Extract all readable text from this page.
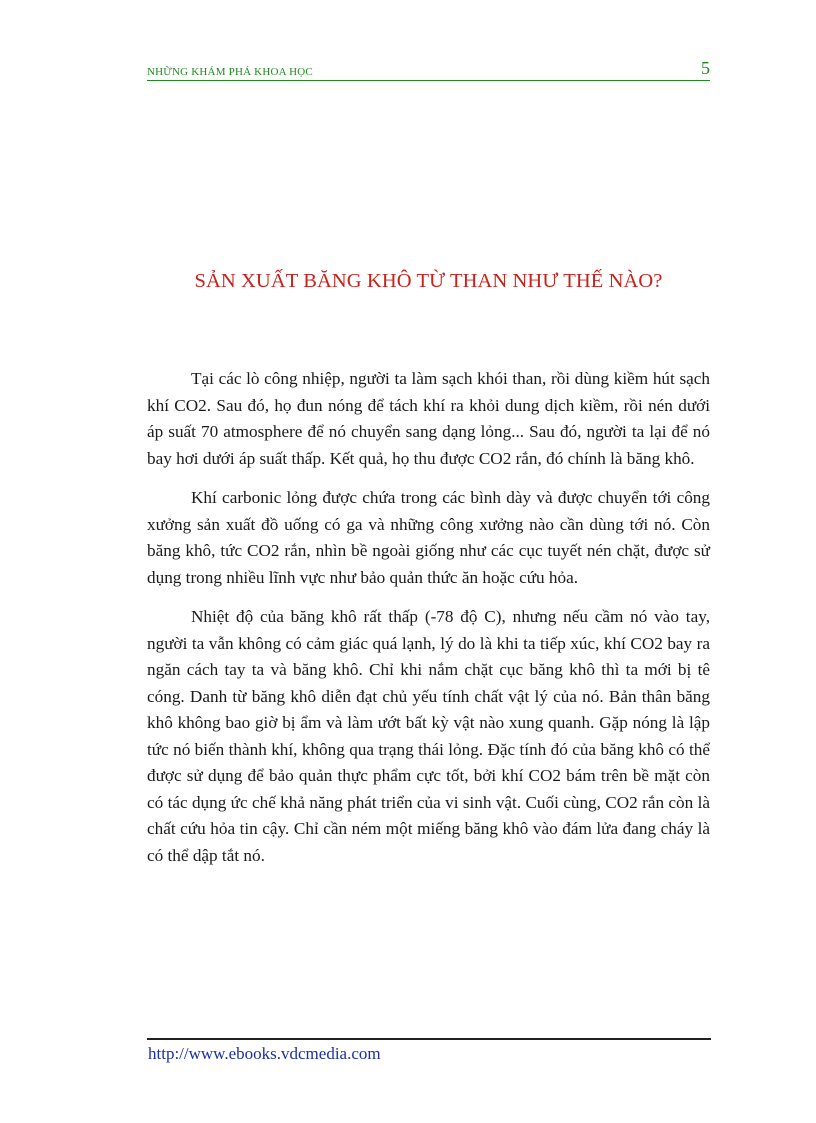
NHỮNG KHÁM PHÁ KHOA HỌC	5
SẢN XUẤT BĂNG KHÔ TỪ THAN NHƯ THẾ NÀO?

Tại các lò công nhiệp, người ta làm sạch khói than, rồi dùng kiềm hút sạch khí CO2. Sau đó, họ đun nóng để tách khí ra khỏi dung dịch kiềm, rồi nén dưới áp suất 70 atmosphere để nó chuyển sang dạng lỏng... Sau đó, người ta lại để nó bay hơi dưới áp suất thấp. Kết quả, họ thu được CO2 rắn, đó chính là băng khô.

Khí carbonic lỏng được chứa trong các bình dày và được chuyển tới công xưởng sản xuất đồ uống có ga và những công xưởng nào cần dùng tới nó. Còn băng khô, tức CO2 rắn, nhìn bề ngoài giống như các cục tuyết nén chặt, được sử dụng trong nhiều lĩnh vực như bảo quản thức ăn hoặc cứu hỏa.

Nhiệt độ của băng khô rất thấp (-78 độ C), nhưng nếu cầm nó vào tay, người ta vẫn không có cảm giác quá lạnh, lý do là khi ta tiếp xúc, khí CO2 bay ra ngăn cách tay ta và băng khô. Chỉ khi nắm chặt cục băng khô thì ta mới bị tê cóng. Danh từ băng khô diễn đạt chủ yếu tính chất vật lý của nó. Bản thân băng khô không bao giờ bị ẩm và làm ướt bất kỳ vật nào xung quanh. Gặp nóng là lập tức nó biến thành khí, không qua trạng thái lỏng. Đặc tính đó của băng khô có thể được sử dụng để bảo quản thực phẩm cực tốt, bởi khí CO2 bám trên bề mặt còn có tác dụng ức chế khả năng phát triển của vi sinh vật. Cuối cùng, CO2 rắn còn là chất cứu hỏa tin cậy. Chỉ cần ném một miếng băng khô vào đám lửa đang cháy là có thể dập tắt nó.

http://www.ebooks.vdcmedia.com
